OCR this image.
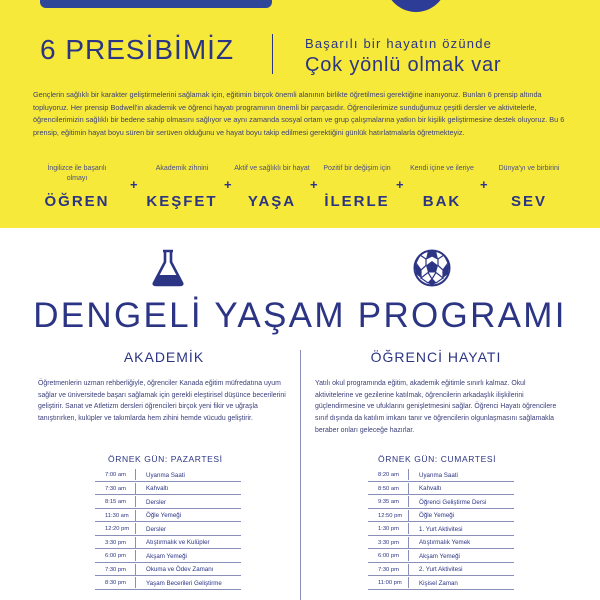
6 PRESİBİMİZ	Başarılı bir hayatın özünde
Çok yönlü olmak var

Gençlerin sağlıklı bir karakter geliştirmelerini sağlamak için, eğitimin birçok önemli alanının birlikte öğretilmesi gerektiğine inanıyoruz. Bunları 6 prensip altında topluyoruz. Her prensip Bodwell'in akademik ve öğrenci hayatı programının önemli bir parçasıdır. Öğrencilerimize sunduğumuz çeşitli dersler ve aktivitelerle, öğrencilerimizin sağlıklı bir bedene sahip olmasını sağlıyor ve aynı zamanda sosyal ortam ve grup çalışmalarına yatkın bir kişilik geliştirmesine destek oluyoruz. Bu 6 prensip, eğitimin hayat boyu süren bir serüven olduğunu ve hayat boyu takip edilmesi gerektiğini günlük hatırlatmalarla öğretmekteyiz.

İngilizce ile başarılı olmayı
ÖĞREN
+
Akademik zihnini
KEŞFET
+
Aktif ve sağlıklı bir hayat
YAŞA
+
Pozitif bir değişim için
İLERLE
+
Kendi içine ve ileriye
BAK
+
Dünya'yı ve birbirini
SEV
DENGELİ YAŞAM PROGRAMI
AKADEMİK	ÖĞRENCİ HAYATI

Öğretmenlerin uzman rehberliğiyle, öğrenciler Kanada eğitim müfredatına uyum sağlar ve üniversitede başarı sağlamak için gerekli eleştirisel düşünce becerilerini geliştirir. Sanat ve Atletizm dersleri öğrencileri birçok yeni fikir ve uğraşla tanıştırırken, kulüpler ve takımlarda hem zihini hemde vücudu geliştirir.

Yatılı okul programında eğitim, akademik eğitimle sınırlı kalmaz. Okul aktivitelerine ve gezilerine katılmak, öğrencilerin arkadaşlık ilişkilerini güçlendirmesine ve ufuklarını genişletmesini sağlar. Öğrenci Hayatı öğrencilere sınıf dışında da katılım imkanı tanır ve öğrencilerin olgunlaşmasını sağlamakla beraber onları geleceğe hazırlar.

ÖRNEK GÜN: PAZARTESİ	ÖRNEK GÜN: CUMARTESİ
7:00 am	Uyanma Saati
7:30 am	Kahvaltı
8:15 am	Dersler
11:30 am	Öğle Yemeği
12:20 pm	Dersler
3:30 pm	Atıştırmalık ve Kulüpler
6:00 pm	Akşam Yemeği
7:30 pm	Okuma ve Ödev Zamanı
8:30 pm	Yaşam Becerileri Geliştirme
8:20 am	Uyanma Saati
8:50 am	Kahvaltı
9:35 am	Öğrenci Geliştirme Dersi
12:50 pm	Öğle Yemeği
1:30 pm	1. Yurt Aktivitesi
3:30 pm	Atıştırmalık Yemek
6:00 pm	Akşam Yemeği
7:30 pm	2. Yurt Aktivitesi
11:00 pm	Kişisel Zaman
